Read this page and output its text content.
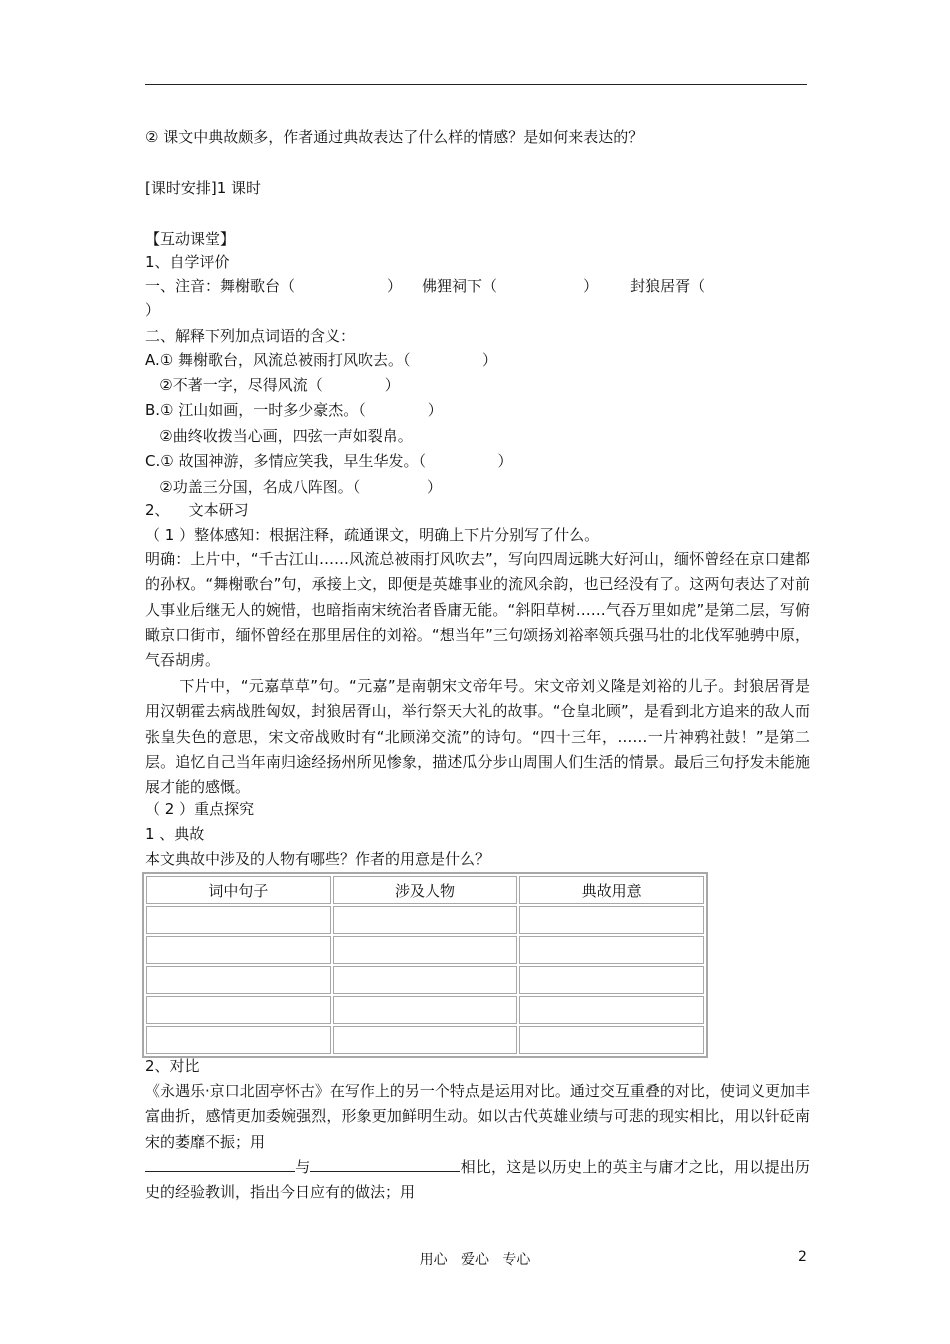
② 课文中典故颇多，作者通过典故表达了什么样的情感？是如何来表达的？
[课时安排]1 课时
【互动课堂】
1、自学评价
一、注音：舞榭歌台（	） 佛狸祠下（	） 封狼居胥（
）
二、解释下列加点词语的含义：
A.① 舞榭歌台，风流总被雨打风吹去。（               ）
②不著一字，尽得风流（             ）
B.① 江山如画，一时多少豪杰。（             ）
②曲终收拨当心画，四弦一声如裂帛。
C.① 故国神游，多情应笑我，早生华发。（               ）
②功盖三分国，名成八阵图。（              ）
2、    文本研习
（ 1 ）整体感知：根据注释，疏通课文，明确上下片分别写了什么。
明确：上片中，“千古江山……风流总被雨打风吹去”，写向四周远眺大好河山，缅怀曾经在京口建都的孙权。“舞榭歌台”句，承接上文，即便是英雄事业的流风余韵，也已经没有了。这两句表达了对前人事业后继无人的婉惜，也暗指南宋统治者昏庸无能。“斜阳草树……气吞万里如虎”是第二层，写俯瞰京口街市，缅怀曾经在那里居住的刘裕。“想当年”三句颂扬刘裕率领兵强马壮的北伐军驰骋中原，气吞胡虏。
下片中，“元嘉草草”句。“元嘉”是南朝宋文帝年号。宋文帝刘义隆是刘裕的儿子。封狼居胥是用汉朝霍去病战胜匈奴，封狼居胥山，举行祭天大礼的故事。“仓皇北顾”，是看到北方追来的敌人而张皇失色的意思，宋文帝战败时有“北顾涕交流”的诗句。“四十三年，……一片神鸦社鼓！”是第二层。追忆自己当年南归途经扬州所见惨象，描述瓜分步山周围人们生活的情景。最后三句抒发未能施展才能的感慨。
（ 2 ）重点探究
1 、典故
本文典故中涉及的人物有哪些？作者的用意是什么？
词中句子	涉及人物	典故用意

2、对比
《永遇乐·京口北固亭怀古》在写作上的另一个特点是运用对比。通过交互重叠的对比，使词义更加丰富曲折，感情更加委婉强烈，形象更加鲜明生动。如以古代英雄业绩与可悲的现实相比，用以针砭南宋的萎靡不振；用
与	相比，这是以历史上的英主与庸才之比，用以提出历史的经验教训，指出今日应有的做法；用
用心   爱心   专心	2
